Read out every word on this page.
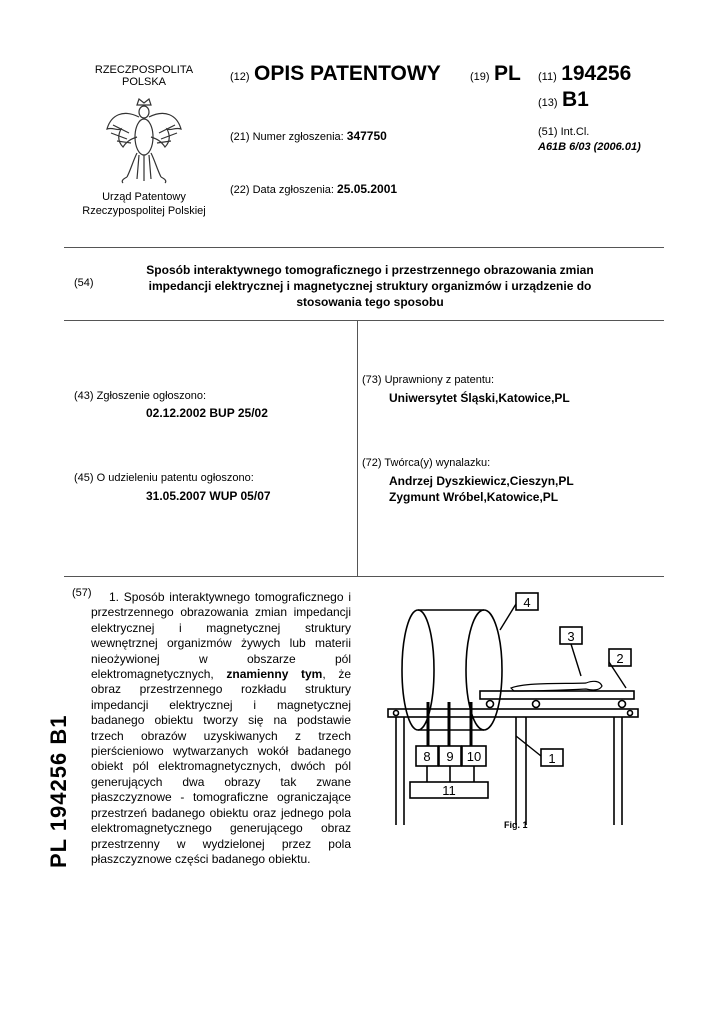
RZECZPOSPOLITA
POLSKA
Urząd Patentowy
Rzeczypospolitej Polskiej
(12) OPIS PATENTOWY	(19) PL (11) 194256
(13) B1
(21) Numer zgłoszenia: 347750	(51) Int.Cl.
A61B 6/03 (2006.01)
(22) Data zgłoszenia: 25.05.2001
(54)
Sposób interaktywnego tomograficznego i przestrzennego obrazowania zmian impedancji elektrycznej i magnetycznej struktury organizmów i urządzenie do stosowania tego sposobu
(43) Zgłoszenie ogłoszono:
02.12.2002 BUP 25/02
(45) O udzieleniu patentu ogłoszono:
31.05.2007 WUP 05/07
(73) Uprawniony z patentu:
Uniwersytet Śląski,Katowice,PL
(72) Twórca(y) wynalazku:
Andrzej Dyszkiewicz,Cieszyn,PL
Zygmunt Wróbel,Katowice,PL
(57)	1. Sposób interaktywnego tomograficznego i przestrzennego obrazowania zmian impedancji elektrycznej i magnetycznej struktury wewnętrznej organizmów żywych lub materii nieożywionej w obszarze pól elektromagnetycznych, znamienny tym, że obraz przestrzennego rozkładu struktury impedancji elektrycznej i magnetycznej badanego obiektu tworzy się na podstawie trzech obrazów uzyskiwanych z trzech pierścieniowo wytwarzanych wokół badanego obiekt pól elektromagnetycznych, dwóch pól generujących dwa obrazy tak zwane płaszczyznowe - tomograficzne ograniczające przestrzeń badanego obiektu oraz jednego pola elektromagnetycznego generującego obraz przestrzenny w wydzielonej przez pola płaszczyznowe części badanego obiektu.

PL 194256 B1
4
3
2
1
8 9 10
11
Fig. 1
